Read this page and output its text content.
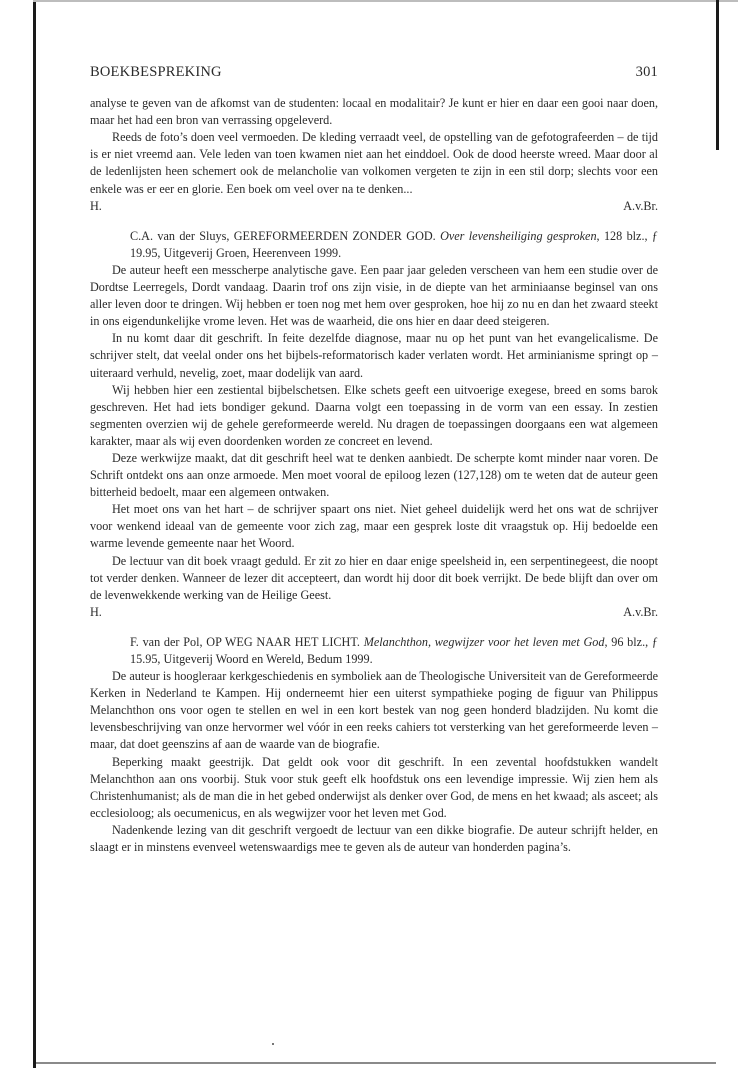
BOEKBESPREKING	301

analyse te geven van de afkomst van de studenten: locaal en modalitair? Je kunt er hier en daar een gooi naar doen, maar het had een bron van verrassing opgeleverd.

Reeds de foto’s doen veel vermoeden. De kleding verraadt veel, de opstelling van de gefotografeerden – de tijd is er niet vreemd aan. Vele leden van toen kwamen niet aan het einddoel. Ook de dood heerste wreed. Maar door al de ledenlijsten heen schemert ook de melancholie van volkomen vergeten te zijn in een stil dorp; slechts voor een enkele was er eer en glorie. Een boek om veel over na te denken...

H.	A.v.Br.

C.A. van der Sluys, GEREFORMEERDEN ZONDER GOD. Over levensheiliging gesproken, 128 blz., ƒ 19.95, Uitgeverij Groen, Heerenveen 1999.

De auteur heeft een messcherpe analytische gave. Een paar jaar geleden verscheen van hem een studie over de Dordtse Leerregels, Dordt vandaag. Daarin trof ons zijn visie, in de diepte van het arminiaanse beginsel van ons aller leven door te dringen. Wij hebben er toen nog met hem over gesproken, hoe hij zo nu en dan het zwaard steekt in ons eigendunkelijke vrome leven. Het was de waarheid, die ons hier en daar deed steigeren.

In nu komt daar dit geschrift. In feite dezelfde diagnose, maar nu op het punt van het evangelicalisme. De schrijver stelt, dat veelal onder ons het bijbels-reformatorisch kader verlaten wordt. Het arminianisme springt op – uiteraard verhuld, nevelig, zoet, maar dodelijk van aard.

Wij hebben hier een zestiental bijbelschetsen. Elke schets geeft een uitvoerige exegese, breed en soms barok geschreven. Het had iets bondiger gekund. Daarna volgt een toepassing in de vorm van een essay. In zestien segmenten overzien wij de gehele gereformeerde wereld. Nu dragen de toepassingen doorgaans een wat algemeen karakter, maar als wij even doordenken worden ze concreet en levend.

Deze werkwijze maakt, dat dit geschrift heel wat te denken aanbiedt. De scherpte komt minder naar voren. De Schrift ontdekt ons aan onze armoede. Men moet vooral de epiloog lezen (127,128) om te weten dat de auteur geen bitterheid bedoelt, maar een algemeen ontwaken.

Het moet ons van het hart – de schrijver spaart ons niet. Niet geheel duidelijk werd het ons wat de schrijver voor wenkend ideaal van de gemeente voor zich zag, maar een gesprek loste dit vraagstuk op. Hij bedoelde een warme levende gemeente naar het Woord.

De lectuur van dit boek vraagt geduld. Er zit zo hier en daar enige speelsheid in, een serpentinegeest, die noopt tot verder denken. Wanneer de lezer dit accepteert, dan wordt hij door dit boek verrijkt. De bede blijft dan over om de levenwekkende werking van de Heilige Geest.

H.	A.v.Br.

F. van der Pol, OP WEG NAAR HET LICHT. Melanchthon, wegwijzer voor het leven met God, 96 blz., ƒ 15.95, Uitgeverij Woord en Wereld, Bedum 1999.

De auteur is hoogleraar kerkgeschiedenis en symboliek aan de Theologische Universiteit van de Gereformeerde Kerken in Nederland te Kampen. Hij onderneemt hier een uiterst sympathieke poging de figuur van Philippus Melanchthon ons voor ogen te stellen en wel in een kort bestek van nog geen honderd bladzijden. Nu komt die levensbeschrijving van onze hervormer wel vóór in een reeks cahiers tot versterking van het gereformeerde leven – maar, dat doet geenszins af aan de waarde van de biografie.

Beperking maakt geestrijk. Dat geldt ook voor dit geschrift. In een zevental hoofdstukken wandelt Melanchthon aan ons voorbij. Stuk voor stuk geeft elk hoofdstuk ons een levendige impressie. Wij zien hem als Christenhumanist; als de man die in het gebed onderwijst als denker over God, de mens en het kwaad; als asceet; als ecclesioloog; als oecumenicus, en als wegwijzer voor het leven met God.

Nadenkende lezing van dit geschrift vergoedt de lectuur van een dikke biografie. De auteur schrijft helder, en slaagt er in minstens evenveel wetenswaardigs mee te geven als de auteur van honderden pagina’s.
